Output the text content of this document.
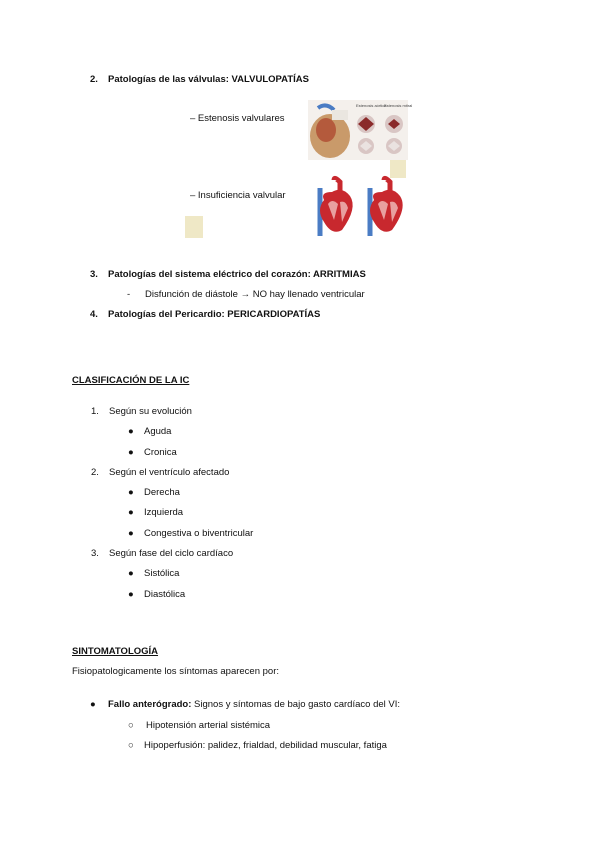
2. Patologías de las válvulas: VALVULOPATÍAS
– Estenosis valvulares
Estenosis aórtica
Estenosis mitral
– Insuficiencia valvular
3. Patologías del sistema eléctrico del corazón: ARRITMIAS
- Disfunción de diástole → NO hay llenado ventricular
4. Patologías del Pericardio: PERICARDIOPATÍAS
CLASIFICACIÓN DE LA IC
1. Según su evolución
● Aguda
● Cronica
2. Según el ventrículo afectado
● Derecha
● Izquierda
● Congestiva o biventricular
3. Según fase del ciclo cardíaco
● Sistólica
● Diastólica
SINTOMATOLOGÍA
Fisiopatologicamente los síntomas aparecen por:
● Fallo anterógrado: Signos y síntomas de bajo gasto cardíaco del VI:
○ Hipotensión arterial sistémica
○ Hipoperfusión: palidez, frialdad, debilidad muscular, fatiga
